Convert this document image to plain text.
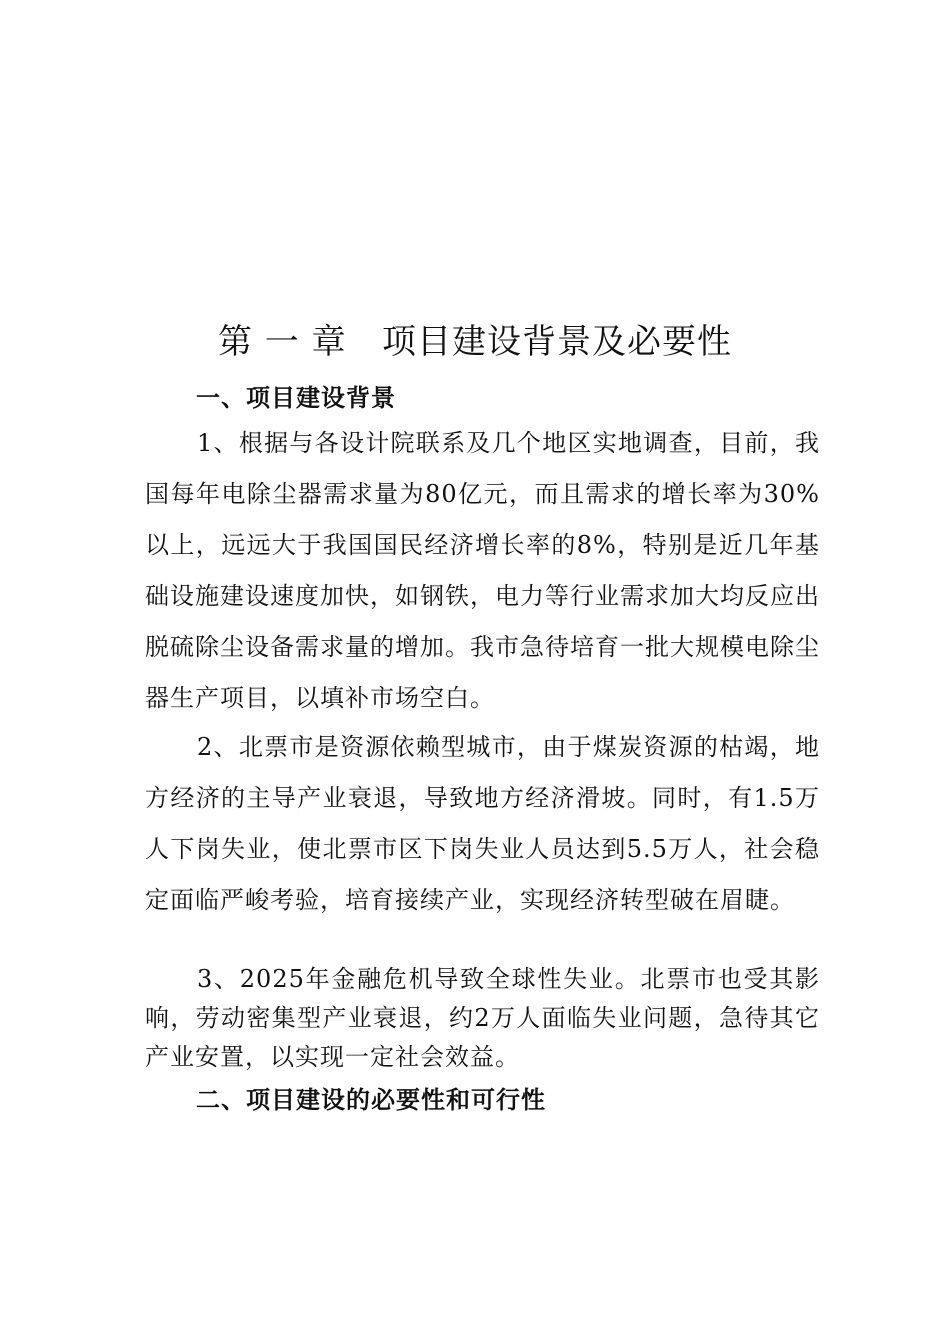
第 一 章   项目建设背景及必要性
一、项目建设背景

1、根据与各设计院联系及几个地区实地调查，目前，我国每年电除尘器需求量为80亿元，而且需求的增长率为30%以上，远远大于我国国民经济增长率的8%，特别是近几年基础设施建设速度加快，如钢铁，电力等行业需求加大均反应出脱硫除尘设备需求量的增加。我市急待培育一批大规模电除尘器生产项目，以填补市场空白。

2、北票市是资源依赖型城市，由于煤炭资源的枯竭，地方经济的主导产业衰退，导致地方经济滑坡。同时，有1.5万人下岗失业，使北票市区下岗失业人员达到5.5万人，社会稳定面临严峻考验，培育接续产业，实现经济转型破在眉睫。

3、2025年金融危机导致全球性失业。北票市也受其影响，劳动密集型产业衰退，约2万人面临失业问题，急待其它产业安置，以实现一定社会效益。

二、项目建设的必要性和可行性
